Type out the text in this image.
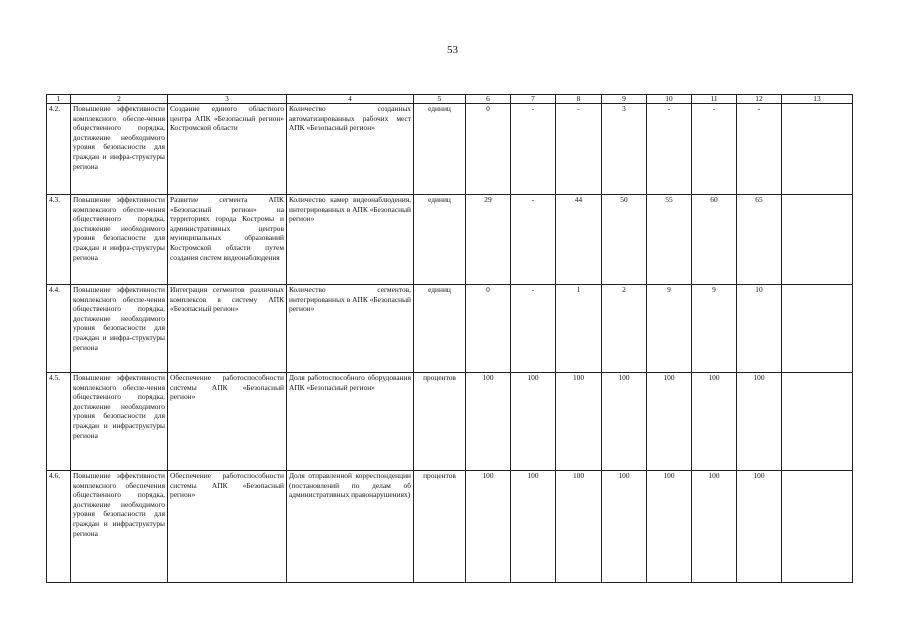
53
1	2	3	4	5	6	7	8	9	10	11	12	13
4.2.	Повышение эффективности комплексного обеспе-чения общественного порядка, достижение необходимого уровня безопасности для граждан и инфра-структуры региона	Создание единого областного центра АПК «Безопасный регион» Костромской области	Количество созданных автоматизированных рабочих мест АПК «Безопасный регион»	единиц	0	-	-	3	-	-	-	
4.3.	Повышение эффективности комплексного обеспе-чения общественного порядка, достижение необходимого уровня безопасности для граждан и инфра-структуры региона	Развитие сегмента АПК «Безопасный регион» на территориях города Костромы и административных центров муниципальных образований Костромской области путем создания систем видеонаблюдения	Количество камер видеонаблюдения, интегрированных в АПК «Безопасный регион»	единиц	29	-	44	50	55	60	65	
4.4.	Повышение эффективности комплексного обеспе-чения общественного порядка, достижение необходимого уровня безопасности для граждан и инфра-структуры региона	Интеграция сегментов различных комплексов в систему АПК «Безопасный регион»	Количество сегментов, интегрированных в АПК «Безопасный регион»	единиц	0	-	1	2	9	9	10	
4.5.	Повышение эффективности комплексного обеспе-чения общественного порядка, достижение необходимого уровня безопасности для граждан и инфраструктуры региона	Обеспечение работоспособности системы АПК «Безопасный регион»	Доля работоспособного оборудования АПК «Безопасный регион»	процентов	100	100	100	100	100	100	100	
4.6.	Повышение эффективности комплексного обеспечения общественного порядка, достижение необходимого уровня безопасности для граждан и инфраструктуры региона	Обеспечение работоспособности системы АПК «Безопасный регион»	Доля отправленной корреспонденции (постановлений по делам об административных правонарушениях)	процентов	100	100	100	100	100	100	100	
